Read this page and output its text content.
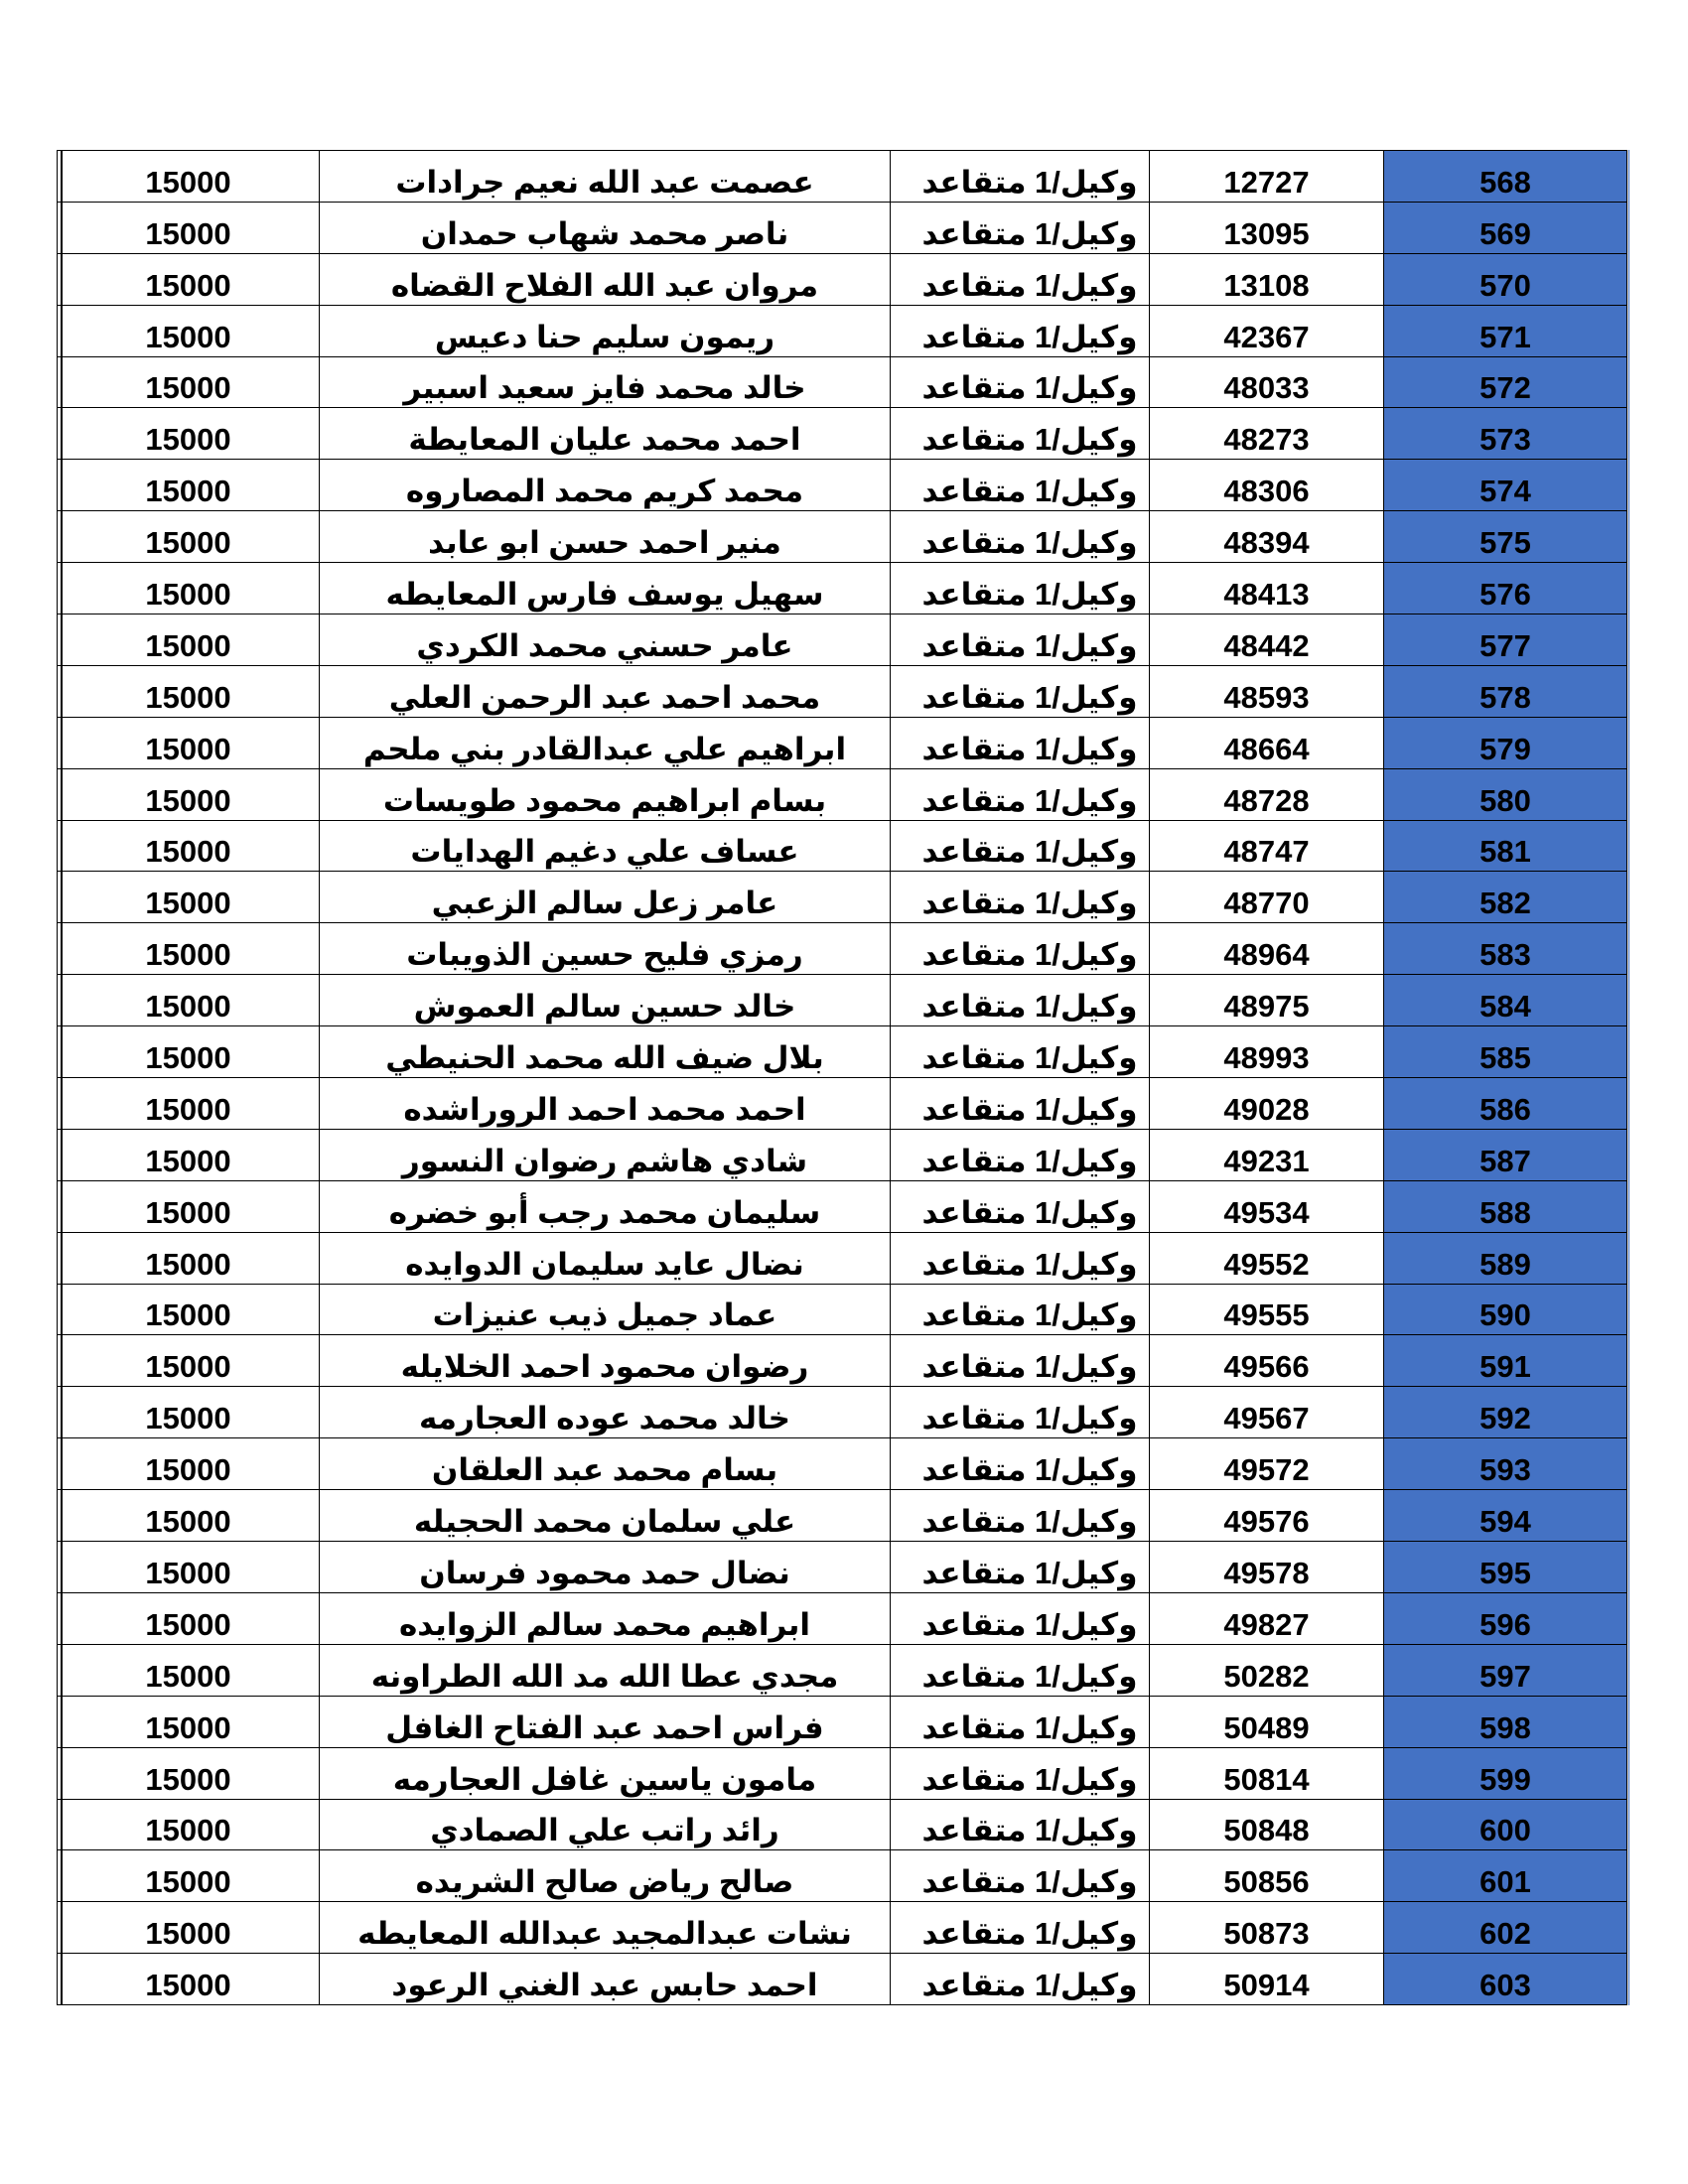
15000	عصمت عبد الله نعيم جرادات	وكيل/1 متقاعد	12727	568
15000	ناصر محمد شهاب حمدان	وكيل/1 متقاعد	13095	569
15000	مروان عبد الله الفلاح القضاه	وكيل/1 متقاعد	13108	570
15000	ريمون سليم حنا دعيس	وكيل/1 متقاعد	42367	571
15000	خالد محمد فايز سعيد اسبير	وكيل/1 متقاعد	48033	572
15000	احمد محمد عليان المعايطة	وكيل/1 متقاعد	48273	573
15000	محمد كريم محمد المصاروه	وكيل/1 متقاعد	48306	574
15000	منير احمد حسن ابو عابد	وكيل/1 متقاعد	48394	575
15000	سهيل يوسف فارس المعايطه	وكيل/1 متقاعد	48413	576
15000	عامر حسني محمد الكردي	وكيل/1 متقاعد	48442	577
15000	محمد احمد عبد الرحمن العلي	وكيل/1 متقاعد	48593	578
15000	ابراهيم علي عبدالقادر بني ملحم	وكيل/1 متقاعد	48664	579
15000	بسام ابراهيم محمود طويسات	وكيل/1 متقاعد	48728	580
15000	عساف علي دغيم الهدايات	وكيل/1 متقاعد	48747	581
15000	عامر زعل سالم الزعبي	وكيل/1 متقاعد	48770	582
15000	رمزي فليح حسين الذويبات	وكيل/1 متقاعد	48964	583
15000	خالد حسين سالم العموش	وكيل/1 متقاعد	48975	584
15000	بلال ضيف الله محمد الحنيطي	وكيل/1 متقاعد	48993	585
15000	احمد محمد احمد الروراشده	وكيل/1 متقاعد	49028	586
15000	شادي هاشم رضوان النسور	وكيل/1 متقاعد	49231	587
15000	سليمان محمد رجب أبو خضره	وكيل/1 متقاعد	49534	588
15000	نضال عايد سليمان الدوايده	وكيل/1 متقاعد	49552	589
15000	عماد جميل ذيب عنيزات	وكيل/1 متقاعد	49555	590
15000	رضوان محمود احمد الخلايله	وكيل/1 متقاعد	49566	591
15000	خالد محمد عوده العجارمه	وكيل/1 متقاعد	49567	592
15000	بسام محمد عبد العلقان	وكيل/1 متقاعد	49572	593
15000	علي سلمان محمد الحجيله	وكيل/1 متقاعد	49576	594
15000	نضال حمد محمود فرسان	وكيل/1 متقاعد	49578	595
15000	ابراهيم محمد سالم الزوايده	وكيل/1 متقاعد	49827	596
15000	مجدي عطا الله مد الله الطراونه	وكيل/1 متقاعد	50282	597
15000	فراس احمد عبد الفتاح الغافل	وكيل/1 متقاعد	50489	598
15000	مامون ياسين غافل العجارمه	وكيل/1 متقاعد	50814	599
15000	رائد راتب علي الصمادي	وكيل/1 متقاعد	50848	600
15000	صالح رياض صالح الشريده	وكيل/1 متقاعد	50856	601
15000	نشات عبدالمجيد عبدالله المعايطه	وكيل/1 متقاعد	50873	602
15000	احمد حابس عبد الغني الرعود	وكيل/1 متقاعد	50914	603
